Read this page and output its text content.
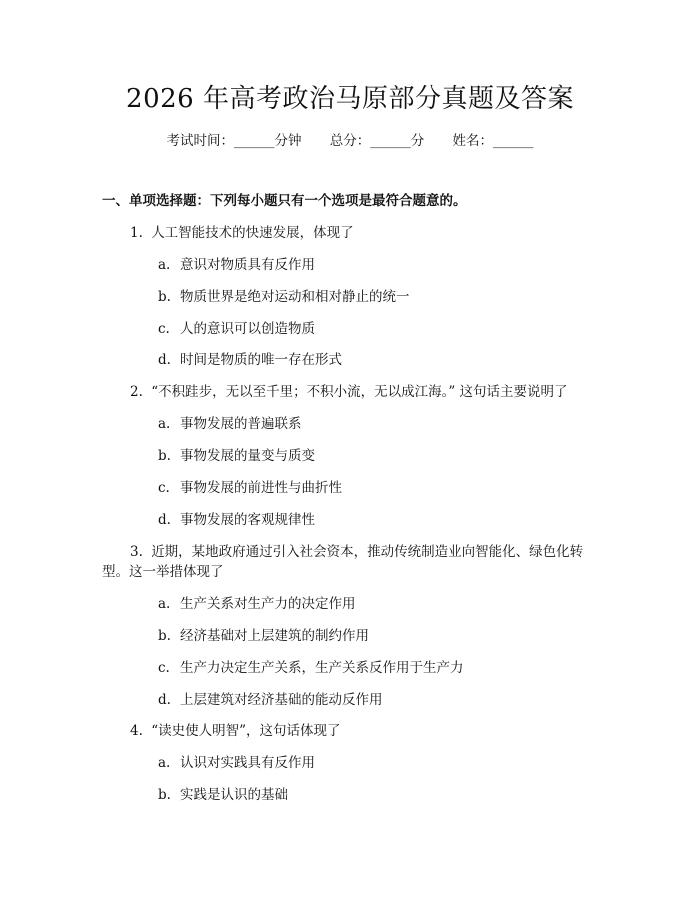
2026 年高考政治马原部分真题及答案
考试时间：______分钟 总分：______分 姓名：______
一、单项选择题：下列每小题只有一个选项是最符合题意的。
1. 人工智能技术的快速发展，体现了
a. 意识对物质具有反作用
b. 物质世界是绝对运动和相对静止的统一
c. 人的意识可以创造物质
d. 时间是物质的唯一存在形式
2. “不积跬步，无以至千里；不积小流，无以成江海。” 这句话主要说明了
a. 事物发展的普遍联系
b. 事物发展的量变与质变
c. 事物发展的前进性与曲折性
d. 事物发展的客观规律性
3. 近期，某地政府通过引入社会资本，推动传统制造业向智能化、绿色化转
型。这一举措体现了
a. 生产关系对生产力的决定作用
b. 经济基础对上层建筑的制约作用
c. 生产力决定生产关系，生产关系反作用于生产力
d. 上层建筑对经济基础的能动反作用
4. “读史使人明智”，这句话体现了
a. 认识对实践具有反作用
b. 实践是认识的基础
